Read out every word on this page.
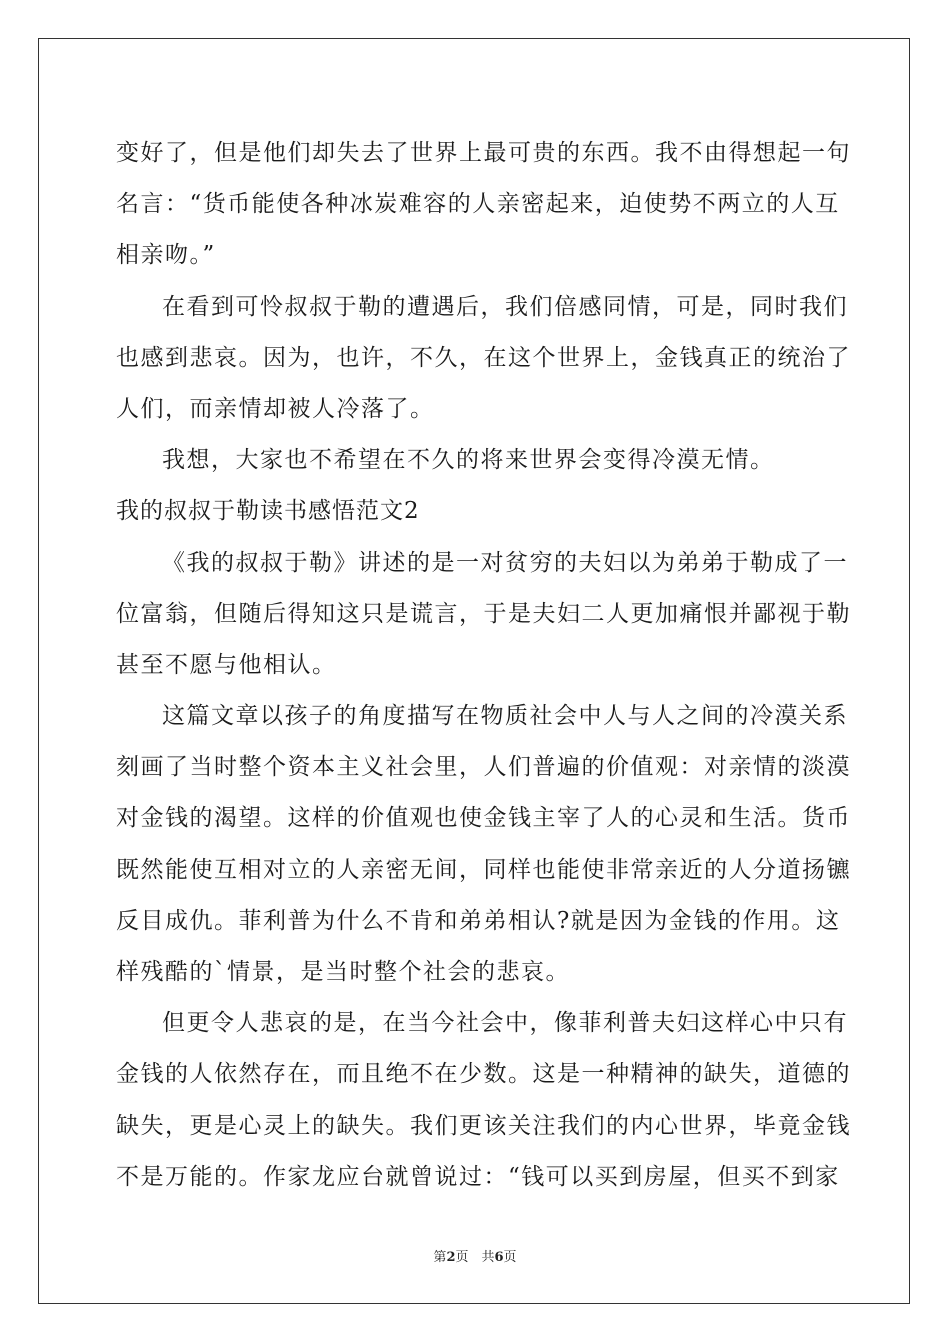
变好了，但是他们却失去了世界上最可贵的东西。我不由得想起一句
名言：“货币能使各种冰炭难容的人亲密起来，迫使势不两立的人互
相亲吻。”
在看到可怜叔叔于勒的遭遇后，我们倍感同情，可是，同时我们
也感到悲哀。因为，也许，不久，在这个世界上，金钱真正的统治了
人们，而亲情却被人冷落了。
我想，大家也不希望在不久的将来世界会变得冷漠无情。
我的叔叔于勒读书感悟范文2
《我的叔叔于勒》讲述的是一对贫穷的夫妇以为弟弟于勒成了一
位富翁，但随后得知这只是谎言，于是夫妇二人更加痛恨并鄙视于勒
甚至不愿与他相认。
这篇文章以孩子的角度描写在物质社会中人与人之间的冷漠关系
刻画了当时整个资本主义社会里，人们普遍的价值观：对亲情的淡漠
对金钱的渴望。这样的价值观也使金钱主宰了人的心灵和生活。货币
既然能使互相对立的人亲密无间，同样也能使非常亲近的人分道扬镳
反目成仇。菲利普为什么不肯和弟弟相认?就是因为金钱的作用。这
样残酷的`情景，是当时整个社会的悲哀。
但更令人悲哀的是，在当今社会中，像菲利普夫妇这样心中只有
金钱的人依然存在，而且绝不在少数。这是一种精神的缺失，道德的
缺失，更是心灵上的缺失。我们更该关注我们的内心世界，毕竟金钱
不是万能的。作家龙应台就曾说过：“钱可以买到房屋，但买不到家
第2页　共6页
